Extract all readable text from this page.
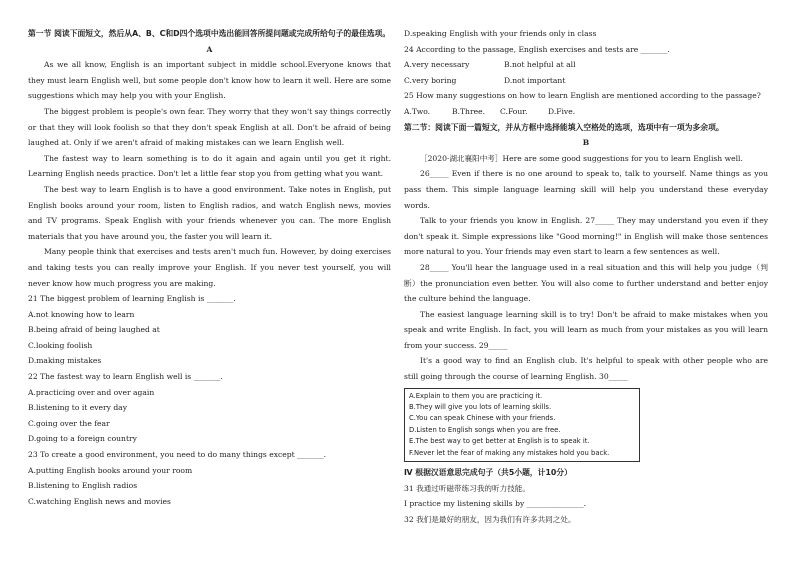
第一节 阅读下面短文，然后从A、B、C和D四个选项中选出能回答所提问题或完成所给句子的最佳选项。

A

As we all know, English is an important subject in middle school.Everyone knows that they must learn English well, but some people don't know how to learn it well. Here are some suggestions which may help you with your English.

The biggest problem is people's own fear. They worry that they won't say things correctly or that they will look foolish so that they don't speak English at all. Don't be afraid of being laughed at. Only if we aren't afraid of making mistakes can we learn English well.

The fastest way to learn something is to do it again and again until you get it right. Learning English needs practice. Don't let a little fear stop you from getting what you want.

The best way to learn English is to have a good environment. Take notes in English, put English books around your room, listen to English radios, and watch English news, movies and TV programs. Speak English with your friends whenever you can. The more English materials that you have around you, the faster you will learn it.

Many people think that exercises and tests aren't much fun. However, by doing exercises and taking tests you can really improve your English. If you never test yourself, you will never know how much progress you are making.

21 The biggest problem of learning English is _______.

A.not knowing how to learn

B.being afraid of being laughed at

C.looking foolish

D.making mistakes

22 The fastest way to learn English well is _______.

A.practicing over and over again

B.listening to it every day

C.going over the fear

D.going to a foreign country

23 To create a good environment, you need to do many things except _______.

A.putting English books around your room

B.listening to English radios

C.watching English news and movies

D.speaking English with your friends only in class

24 According to the passage, English exercises and tests are _______.

A.very necessary	B.not helpful at all
C.very boring	D.not important

25 How many suggestions on how to learn English are mentioned according to the passage?

A.Two.	B.Three.	C.Four.	D.Five.

第二节：阅读下面一篇短文，并从方框中选择能填入空格处的选项，选项中有一项为多余项。

B

［2020·湖北襄阳中考］Here are some good suggestions for you to learn English well.

26_____ Even if there is no one around to speak to, talk to yourself. Name things as you pass them. This simple language learning skill will help you understand these everyday words.

Talk to your friends you know in English. 27_____ They may understand you even if they don't speak it. Simple expressions like "Good morning!" in English will make those sentences more natural to you. Your friends may even start to learn a few sentences as well.

28_____ You'll hear the language used in a real situation and this will help you judge（判断）the pronunciation even better. You will also come to further understand and better enjoy the culture behind the language.

The easiest language learning skill is to try! Don't be afraid to make mistakes when you speak and write English. In fact, you will learn as much from your mistakes as you will learn from your success. 29_____

It's a good way to find an English club. It's helpful to speak with other people who are still going through the course of learning English. 30_____

A.Explain to them you are practicing it.
B.They will give you lots of learning skills.
C.You can speak Chinese with your friends.
D.Listen to English songs when you are free.
E.The best way to get better at English is to speak it.
F.Never let the fear of making any mistakes hold you back.

Ⅳ 根据汉语意思完成句子（共5小题，计10分）

31 我通过听磁带练习我的听力技能。

I practice my listening skills by _______________.

32 我们是最好的朋友，因为我们有许多共同之处。
